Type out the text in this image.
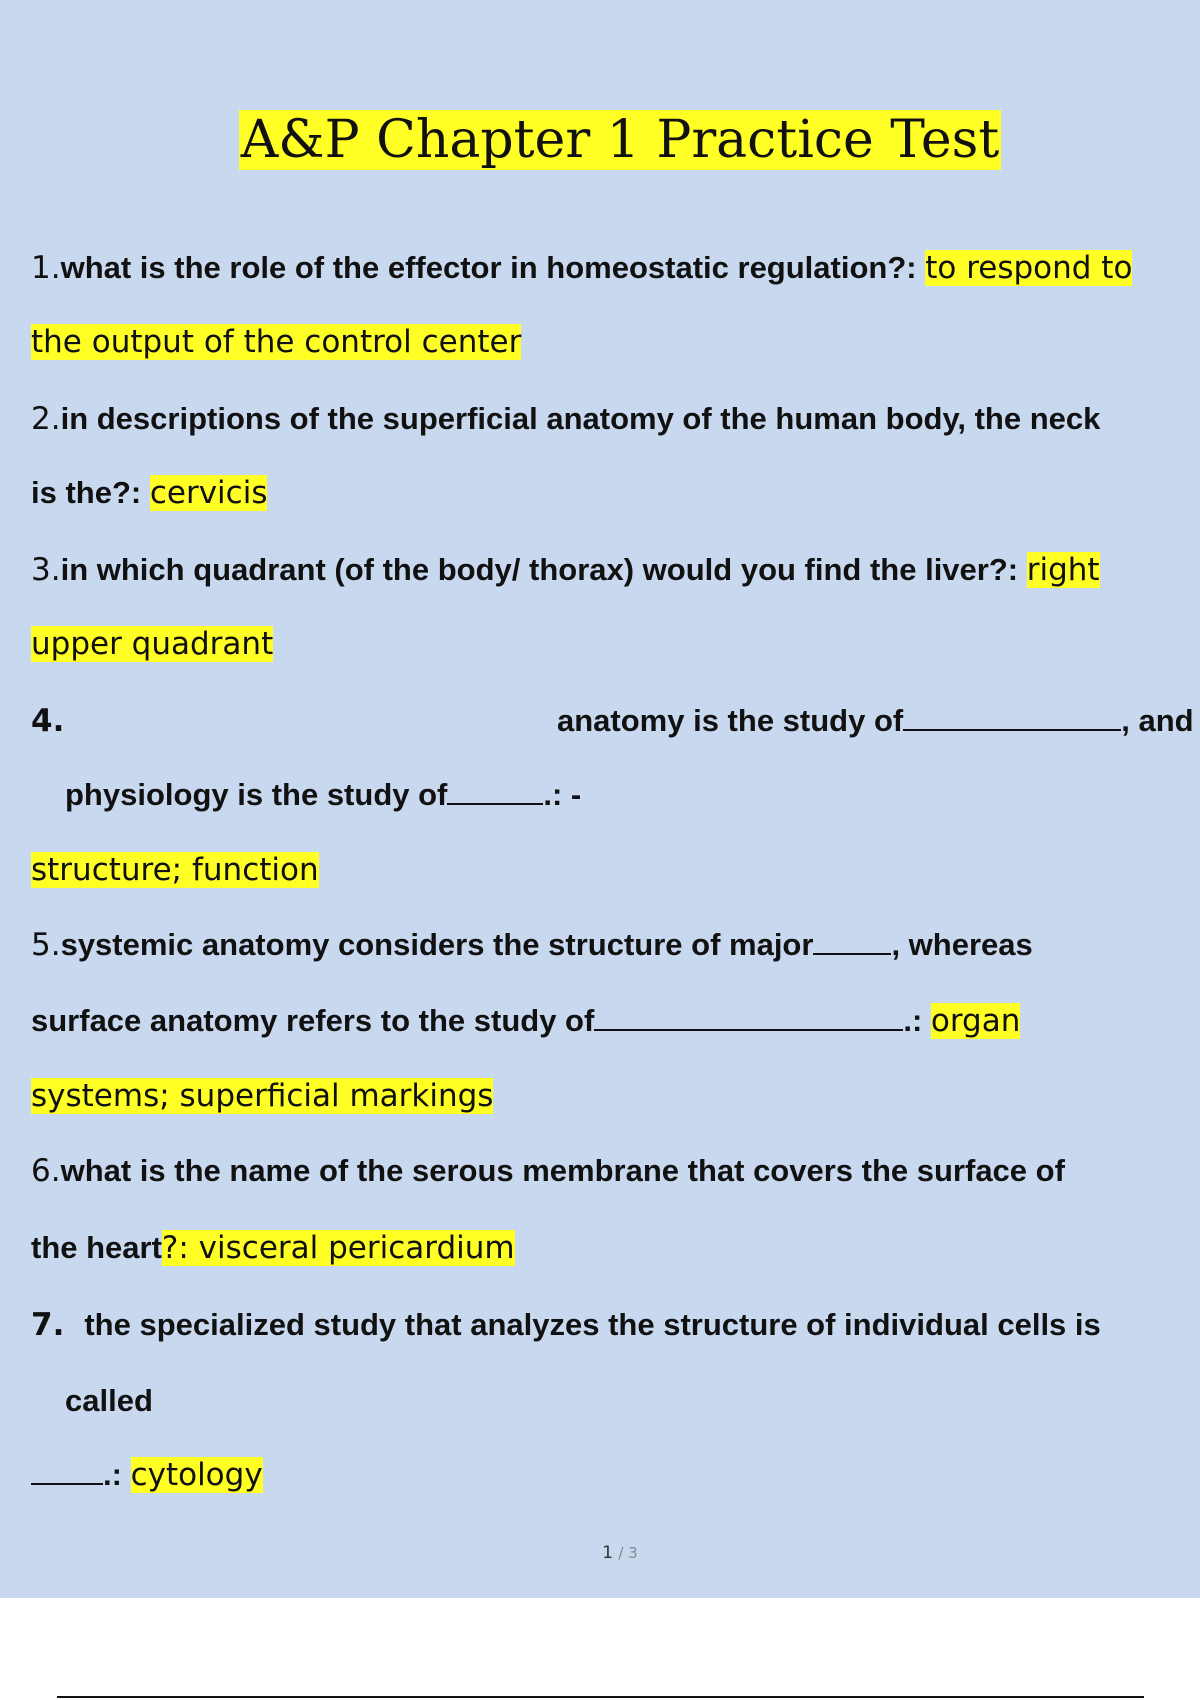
A&P Chapter 1 Practice Test
1.what is the role of the effector in homeostatic regulation?: to respond to
the output of the control center
2.in descriptions of the superficial anatomy of the human body, the neck
is the?: cervicis
3.in which quadrant (of the body/ thorax) would you find the liver?: right
upper quadrant
4.	anatomy is the study of	, and
physiology is the study of	.: -
structure; function
5.systemic anatomy considers the structure of major	, whereas
surface anatomy refers to the study of	.: organ
systems; superficial markings
6.what is the name of the serous membrane that covers the surface of
the heart?: visceral pericardium
7. the specialized study that analyzes the structure of individual cells is
called
.: cytology
1 / 3
